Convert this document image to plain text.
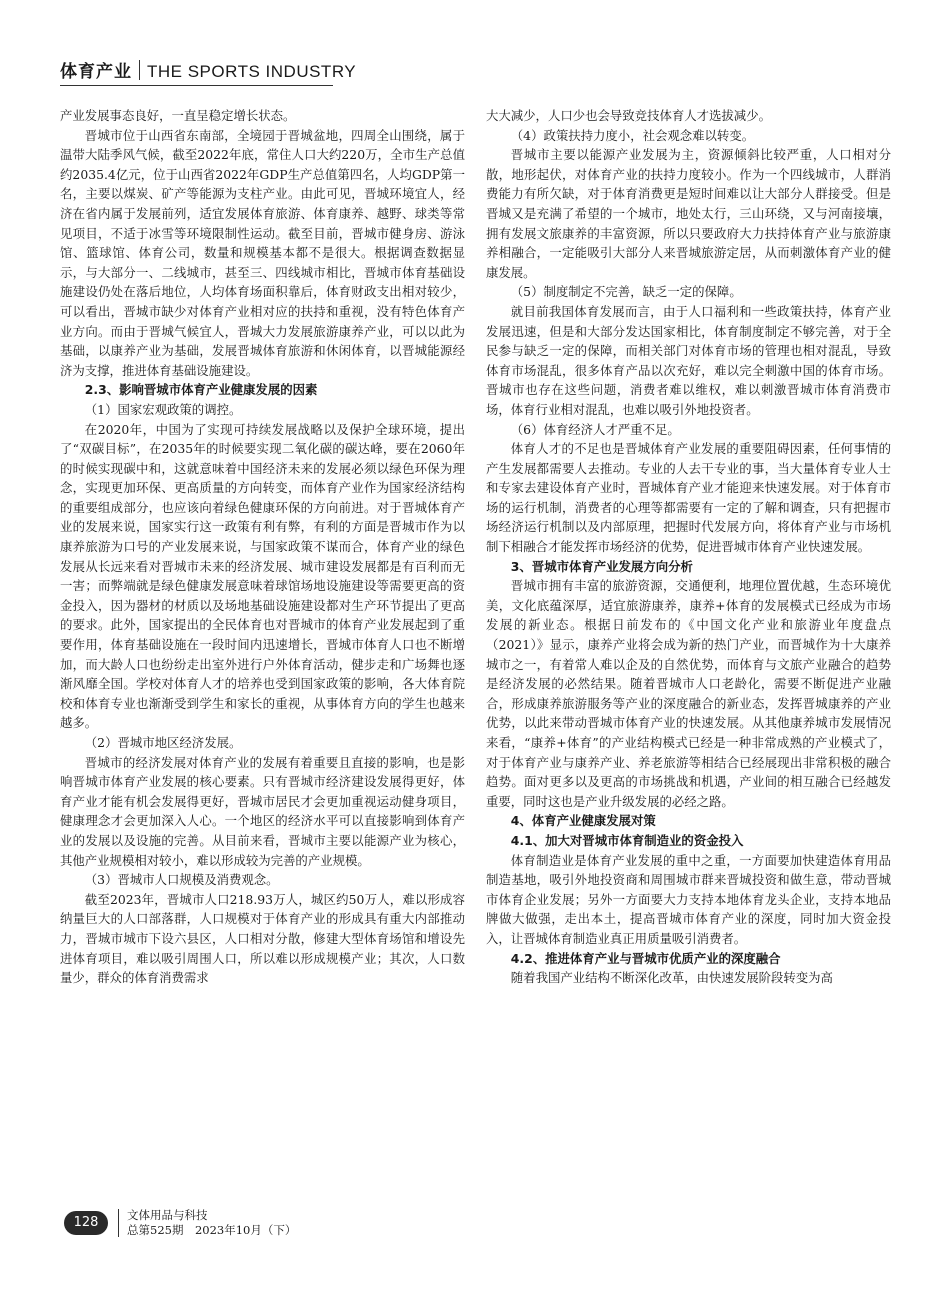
体育产业 THE SPORTS INDUSTRY

产业发展事态良好，一直呈稳定增长状态。

晋城市位于山西省东南部，全境园于晋城盆地，四周全山围绕，属于温带大陆季风气候，截至2022年底，常住人口大约220万，全市生产总值约2035.4亿元，位于山西省2022年GDP生产总值第四名，人均GDP第一名，主要以煤炭、矿产等能源为支柱产业。由此可见，晋城环境宜人，经济在省内属于发展前列，适宜发展体育旅游、体育康养、越野、球类等常见项目，不适于冰雪等环境限制性运动。截至目前，晋城市健身房、游泳馆、篮球馆、体育公司，数量和规模基本都不是很大。根据调查数据显示，与大部分一、二线城市，甚至三、四线城市相比，晋城市体育基础设施建设仍处在落后地位，人均体育场面积靠后，体育财政支出相对较少，可以看出，晋城市缺少对体育产业相对应的扶持和重视，没有特色体育产业方向。而由于晋城气候宜人，晋城大力发展旅游康养产业，可以以此为基础，以康养产业为基础，发展晋城体育旅游和休闲体育，以晋城能源经济为支撑，推进体育基础设施建设。

2.3、影响晋城市体育产业健康发展的因素

（1）国家宏观政策的调控。

在2020年，中国为了实现可持续发展战略以及保护全球环境，提出了“双碳目标”，在2035年的时候要实现二氧化碳的碳达峰，要在2060年的时候实现碳中和，这就意味着中国经济未来的发展必须以绿色环保为理念，实现更加环保、更高质量的方向转变，而体育产业作为国家经济结构的重要组成部分，也应该向着绿色健康环保的方向前进。对于晋城体育产业的发展来说，国家实行这一政策有利有弊，有利的方面是晋城市作为以康养旅游为口号的产业发展来说，与国家政策不谋而合，体育产业的绿色发展从长远来看对晋城市未来的经济发展、城市建设发展都是有百利而无一害；而弊端就是绿色健康发展意味着球馆场地设施建设等需要更高的资金投入，因为器材的材质以及场地基础设施建设都对生产环节提出了更高的要求。此外，国家提出的全民体育也对晋城市的体育产业发展起到了重要作用，体育基础设施在一段时间内迅速增长，晋城市体育人口也不断增加，而大龄人口也纷纷走出室外进行户外体育活动，健步走和广场舞也逐渐风靡全国。学校对体育人才的培养也受到国家政策的影响，各大体育院校和体育专业也渐渐受到学生和家长的重视，从事体育方向的学生也越来越多。

（2）晋城市地区经济发展。

晋城市的经济发展对体育产业的发展有着重要且直接的影响，也是影响晋城市体育产业发展的核心要素。只有晋城市经济建设发展得更好，体育产业才能有机会发展得更好，晋城市居民才会更加重视运动健身项目，健康理念才会更加深入人心。一个地区的经济水平可以直接影响到体育产业的发展以及设施的完善。从目前来看，晋城市主要以能源产业为核心，其他产业规模相对较小，难以形成较为完善的产业规模。

（3）晋城市人口规模及消费观念。

截至2023年，晋城市人口218.93万人，城区约50万人，难以形成容纳量巨大的人口部落群，人口规模对于体育产业的形成具有重大内部推动力，晋城市城市下设六县区，人口相对分散，修建大型体育场馆和增设先进体育项目，难以吸引周围人口，所以难以形成规模产业；其次，人口数量少，群众的体育消费需求

大大减少，人口少也会导致竞技体育人才选拔减少。

（4）政策扶持力度小，社会观念难以转变。

晋城市主要以能源产业发展为主，资源倾斜比较严重，人口相对分散，地形起伏，对体育产业的扶持力度较小。作为一个四线城市，人群消费能力有所欠缺，对于体育消费更是短时间难以让大部分人群接受。但是晋城又是充满了希望的一个城市，地处太行，三山环绕，又与河南接壤，拥有发展文旅康养的丰富资源，所以只要政府大力扶持体育产业与旅游康养相融合，一定能吸引大部分人来晋城旅游定居，从而刺激体育产业的健康发展。

（5）制度制定不完善，缺乏一定的保障。

就目前我国体育发展而言，由于人口福利和一些政策扶持，体育产业发展迅速，但是和大部分发达国家相比，体育制度制定不够完善，对于全民参与缺乏一定的保障，而相关部门对体育市场的管理也相对混乱，导致体育市场混乱，很多体育产品以次充好，难以完全刺激中国的体育市场。晋城市也存在这些问题，消费者难以维权，难以刺激晋城市体育消费市场，体育行业相对混乱，也难以吸引外地投资者。

（6）体育经济人才严重不足。

体育人才的不足也是晋城体育产业发展的重要阻碍因素，任何事情的产生发展都需要人去推动。专业的人去干专业的事，当大量体育专业人士和专家去建设体育产业时，晋城体育产业才能迎来快速发展。对于体育市场的运行机制，消费者的心理等都需要有一定的了解和调查，只有把握市场经济运行机制以及内部原理，把握时代发展方向，将体育产业与市场机制下相融合才能发挥市场经济的优势，促进晋城市体育产业快速发展。

3、晋城市体育产业发展方向分析

晋城市拥有丰富的旅游资源，交通便利，地理位置优越，生态环境优美，文化底蕴深厚，适宜旅游康养，康养+体育的发展模式已经成为市场发展的新业态。根据日前发布的《中国文化产业和旅游业年度盘点（2021）》显示，康养产业将会成为新的热门产业，而晋城作为十大康养城市之一，有着常人难以企及的自然优势，而体育与文旅产业融合的趋势是经济发展的必然结果。随着晋城市人口老龄化，需要不断促进产业融合，形成康养旅游服务等产业的深度融合的新业态，发挥晋城康养的产业优势，以此来带动晋城市体育产业的快速发展。从其他康养城市发展情况来看，“康养+体育”的产业结构模式已经是一种非常成熟的产业模式了，对于体育产业与康养产业、养老旅游等相结合已经展现出非常积极的融合趋势。面对更多以及更高的市场挑战和机遇，产业间的相互融合已经越发重要，同时这也是产业升级发展的必经之路。

4、体育产业健康发展对策

4.1、加大对晋城市体育制造业的资金投入

体育制造业是体育产业发展的重中之重，一方面要加快建造体育用品制造基地，吸引外地投资商和周围城市群来晋城投资和做生意，带动晋城市体育企业发展；另外一方面要大力支持本地体育龙头企业，支持本地品牌做大做强，走出本土，提高晋城市体育产业的深度，同时加大资金投入，让晋城体育制造业真正用质量吸引消费者。

4.2、推进体育产业与晋城市优质产业的深度融合

随着我国产业结构不断深化改革，由快速发展阶段转变为高

128	文体用品与科技
总第525期　2023年10月（下）
